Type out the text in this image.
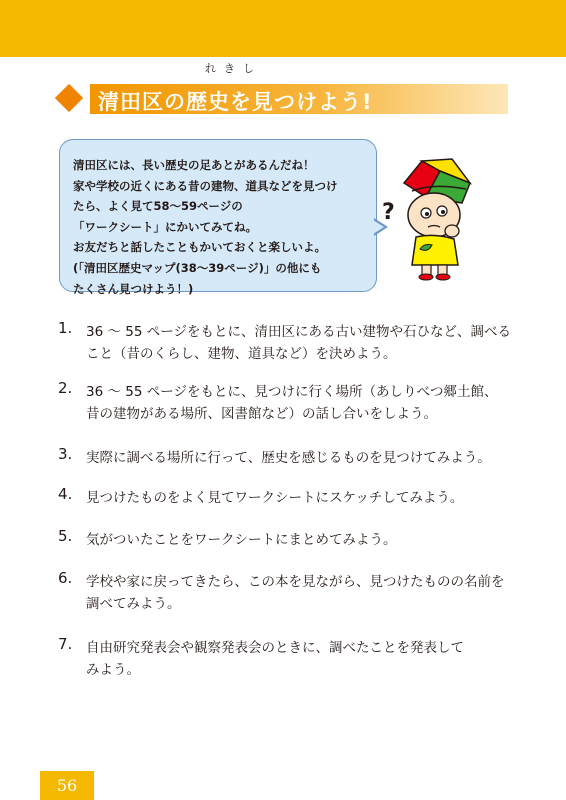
れきし
清田区の歴史を見つけよう!
清田区には、長い歴史の足あとがあるんだね！
家や学校の近くにある昔の建物、道具などを見つけ
たら、よく見て58〜59ページの
「ワークシート」にかいてみてね。
お友だちと話したこともかいておくと楽しいよ。
(「清田区歴史マップ(38〜39ページ)」の他にも
たくさん見つけよう！)
?
1.	36 〜 55 ページをもとに、清田区にある古い建物や石ひなど、調べる
こと（昔のくらし、建物、道具など）を決めよう。
2.	36 〜 55 ページをもとに、見つけに行く場所（あしりべつ郷土館、
昔の建物がある場所、図書館など）の話し合いをしよう。
3.	実際に調べる場所に行って、歴史を感じるものを見つけてみよう。
4.	見つけたものをよく見てワークシートにスケッチしてみよう。
5.	気がついたことをワークシートにまとめてみよう。
6.	学校や家に戻ってきたら、この本を見ながら、見つけたものの名前を
調べてみよう。
7.	自由研究発表会や観察発表会のときに、調べたことを発表して
みよう。
56
